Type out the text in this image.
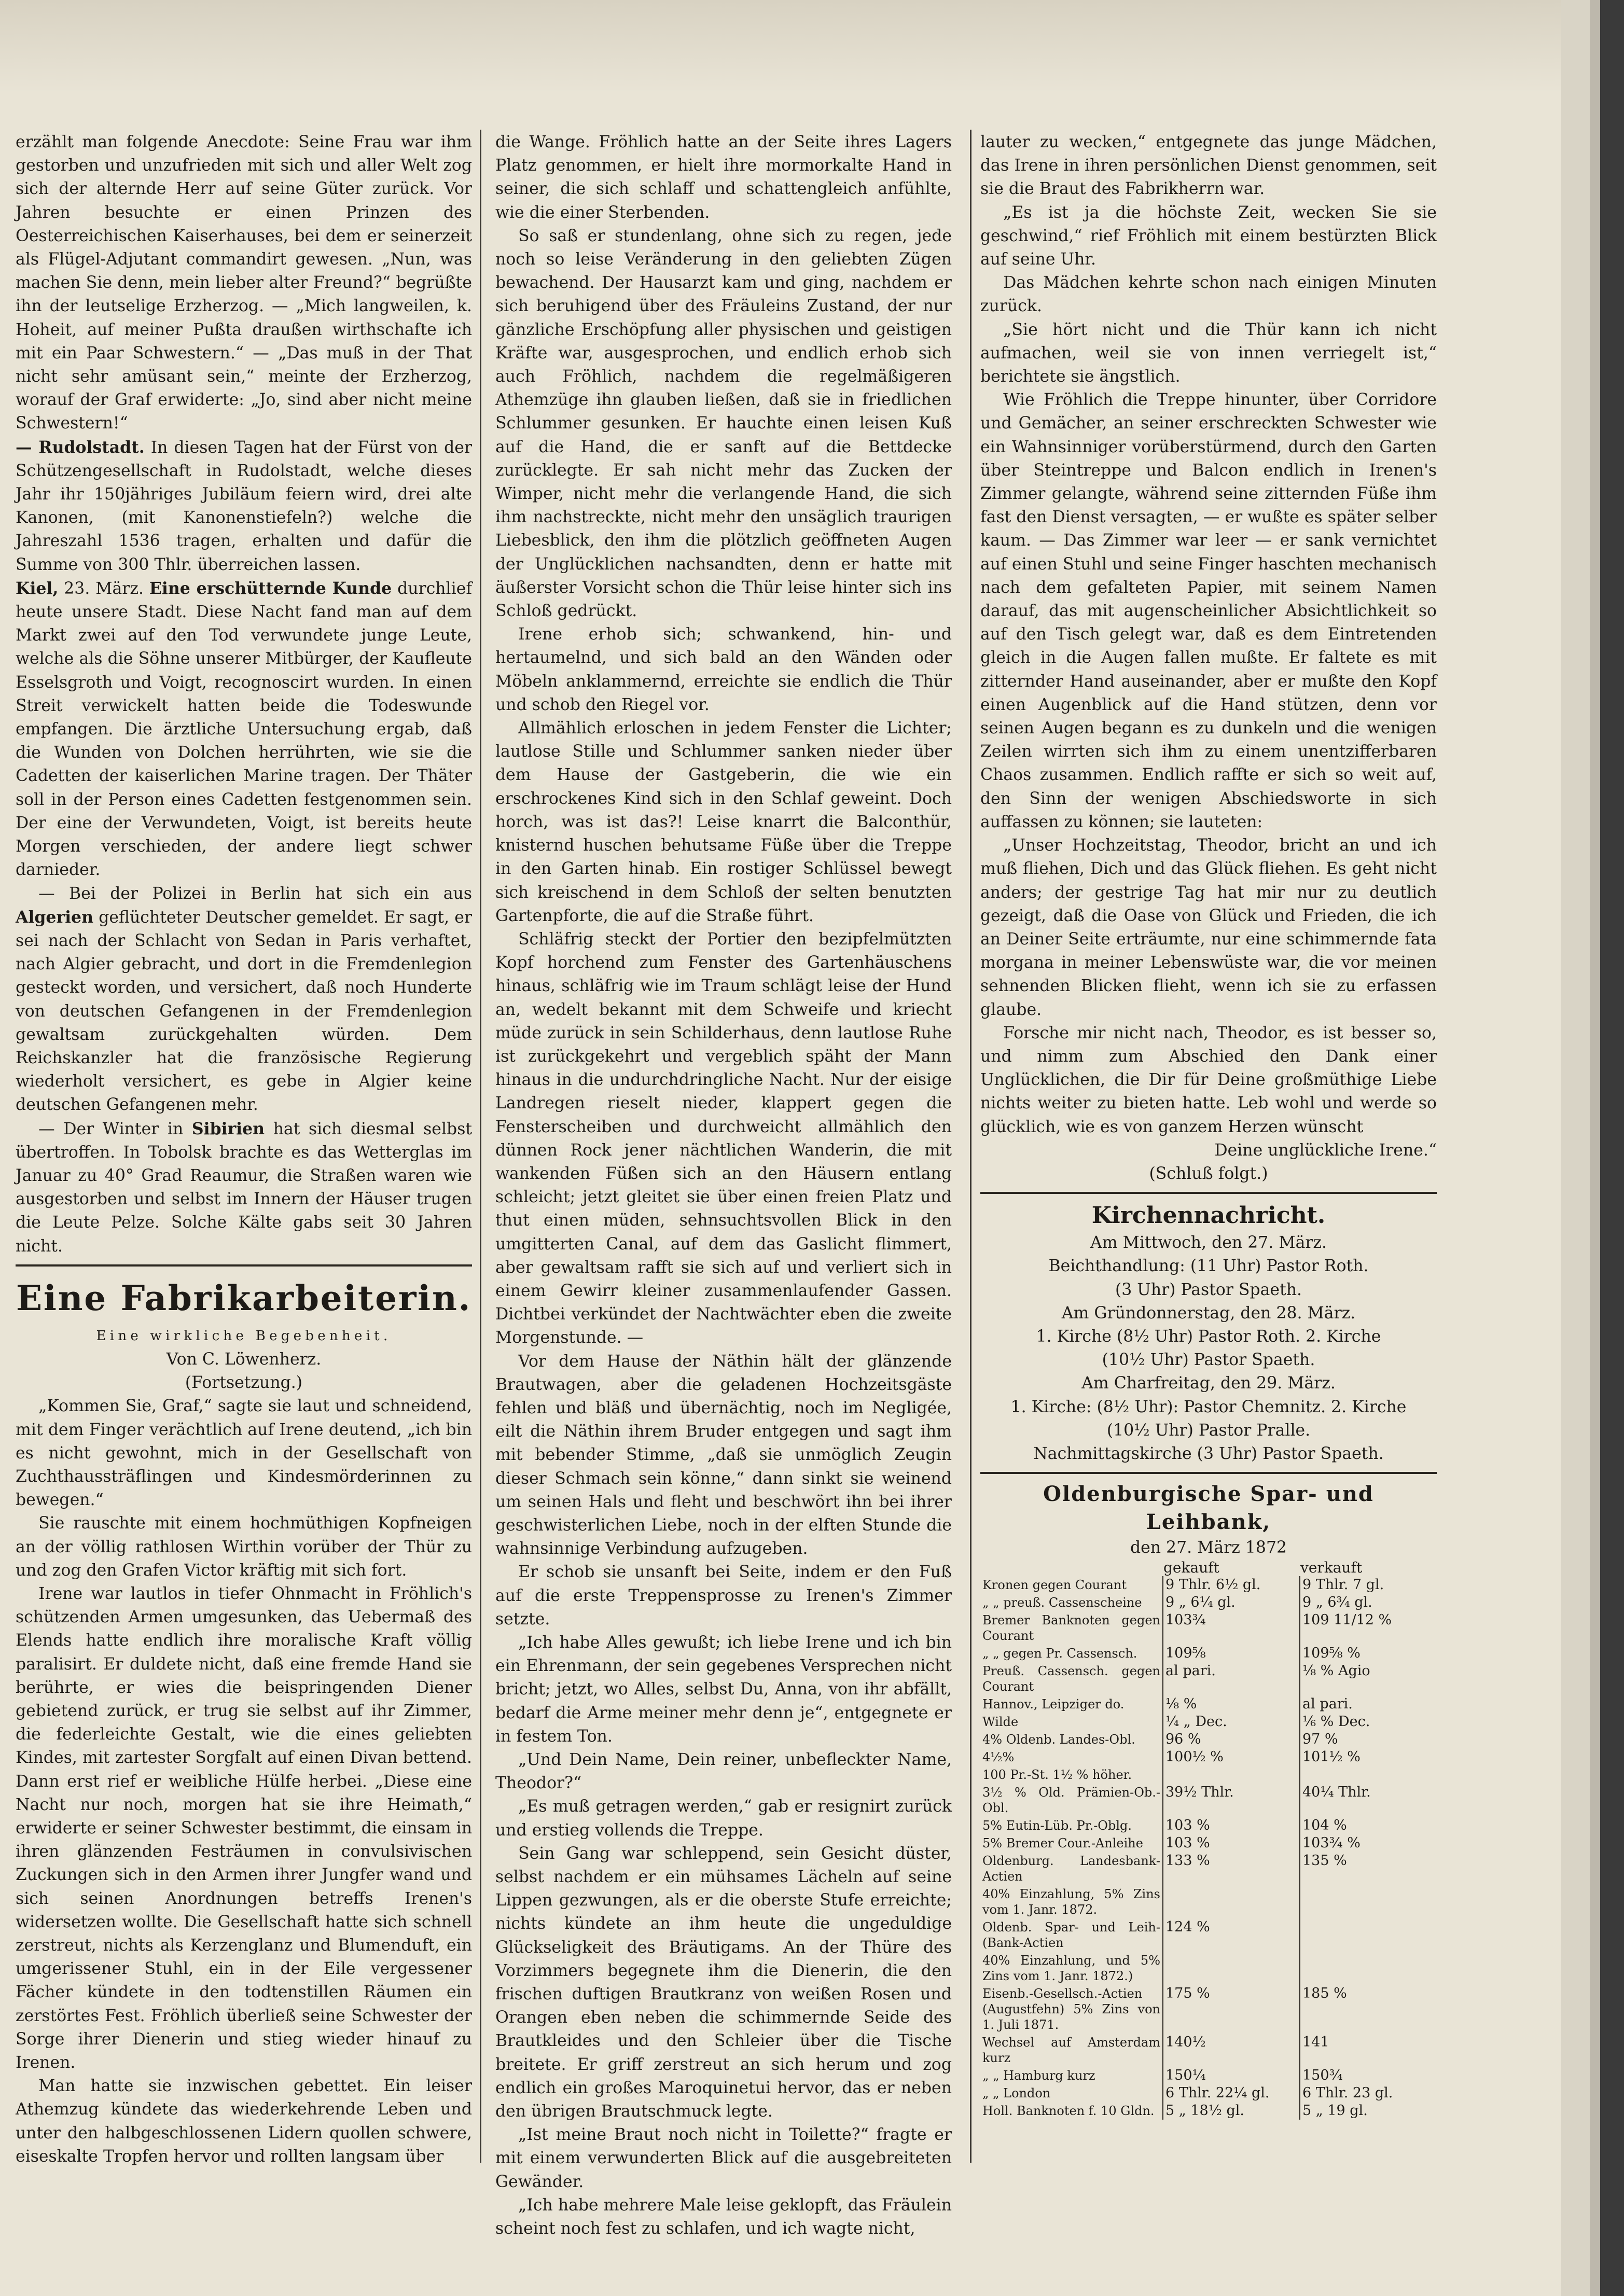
erzählt man folgende Anecdote: Seine Frau war ihm gestorben und unzufrieden mit sich und aller Welt zog sich der alternde Herr auf seine Güter zurück. Vor Jahren besuchte er einen Prinzen des Oesterreichischen Kaiserhauses, bei dem er seinerzeit als Flügel-Adjutant commandirt gewesen. „Nun, was machen Sie denn, mein lieber alter Freund?“ begrüßte ihn der leutselige Erzherzog. — „Mich langweilen, k. Hoheit, auf meiner Pußta draußen wirthschafte ich mit ein Paar Schwestern.“ — „Das muß in der That nicht sehr amüsant sein,“ meinte der Erzherzog, worauf der Graf erwiderte: „Jo, sind aber nicht meine Schwestern!“

— Rudolstadt. In diesen Tagen hat der Fürst von der Schützengesellschaft in Rudolstadt, welche dieses Jahr ihr 150jähriges Jubiläum feiern wird, drei alte Kanonen, (mit Kanonenstiefeln?) welche die Jahreszahl 1536 tragen, erhalten und dafür die Summe von 300 Thlr. überreichen lassen.

Kiel, 23. März. Eine erschütternde Kunde durchlief heute unsere Stadt. Diese Nacht fand man auf dem Markt zwei auf den Tod verwundete junge Leute, welche als die Söhne unserer Mitbürger, der Kaufleute Esselsgroth und Voigt, recognoscirt wurden. In einen Streit verwickelt hatten beide die Todeswunde empfangen. Die ärztliche Untersuchung ergab, daß die Wunden von Dolchen herrührten, wie sie die Cadetten der kaiserlichen Marine tragen. Der Thäter soll in der Person eines Cadetten festgenommen sein. Der eine der Verwundeten, Voigt, ist bereits heute Morgen verschieden, der andere liegt schwer darnieder.

— Bei der Polizei in Berlin hat sich ein aus Algerien geflüchteter Deutscher gemeldet. Er sagt, er sei nach der Schlacht von Sedan in Paris verhaftet, nach Algier gebracht, und dort in die Fremdenlegion gesteckt worden, und versichert, daß noch Hunderte von deutschen Gefangenen in der Fremdenlegion gewaltsam zurückgehalten würden. Dem Reichskanzler hat die französische Regierung wiederholt versichert, es gebe in Algier keine deutschen Gefangenen mehr.

— Der Winter in Sibirien hat sich diesmal selbst übertroffen. In Tobolsk brachte es das Wetterglas im Januar zu 40° Grad Reaumur, die Straßen waren wie ausgestorben und selbst im Innern der Häuser trugen die Leute Pelze. Solche Kälte gabs seit 30 Jahren nicht.

Eine Fabrikarbeiterin.
Eine wirkliche Begebenheit.
Von C. Löwenherz.
(Fortsetzung.)

„Kommen Sie, Graf,“ sagte sie laut und schneidend, mit dem Finger verächtlich auf Irene deutend, „ich bin es nicht gewohnt, mich in der Gesellschaft von Zuchthaussträflingen und Kindesmörderinnen zu bewegen.“

Sie rauschte mit einem hochmüthigen Kopfneigen an der völlig rathlosen Wirthin vorüber der Thür zu und zog den Grafen Victor kräftig mit sich fort.

Irene war lautlos in tiefer Ohnmacht in Fröhlich's schützenden Armen umgesunken, das Uebermaß des Elends hatte endlich ihre moralische Kraft völlig paralisirt. Er duldete nicht, daß eine fremde Hand sie berührte, er wies die beispringenden Diener gebietend zurück, er trug sie selbst auf ihr Zimmer, die federleichte Gestalt, wie die eines geliebten Kindes, mit zartester Sorgfalt auf einen Divan bettend. Dann erst rief er weibliche Hülfe herbei. „Diese eine Nacht nur noch, morgen hat sie ihre Heimath,“ erwiderte er seiner Schwester bestimmt, die einsam in ihren glänzenden Festräumen in convulsivischen Zuckungen sich in den Armen ihrer Jungfer wand und sich seinen Anordnungen betreffs Irenen's widersetzen wollte. Die Gesellschaft hatte sich schnell zerstreut, nichts als Kerzenglanz und Blumenduft, ein umgerissener Stuhl, ein in der Eile vergessener Fächer kündete in den todtenstillen Räumen ein zerstörtes Fest. Fröhlich überließ seine Schwester der Sorge ihrer Dienerin und stieg wieder hinauf zu Irenen.

Man hatte sie inzwischen gebettet. Ein leiser Athemzug kündete das wiederkehrende Leben und unter den halbgeschlossenen Lidern quollen schwere, eiseskalte Tropfen hervor und rollten langsam über

die Wange. Fröhlich hatte an der Seite ihres Lagers Platz genommen, er hielt ihre mormorkalte Hand in seiner, die sich schlaff und schattengleich anfühlte, wie die einer Sterbenden.

So saß er stundenlang, ohne sich zu regen, jede noch so leise Veränderung in den geliebten Zügen bewachend. Der Hausarzt kam und ging, nachdem er sich beruhigend über des Fräuleins Zustand, der nur gänzliche Erschöpfung aller physischen und geistigen Kräfte war, ausgesprochen, und endlich erhob sich auch Fröhlich, nachdem die regelmäßigeren Athemzüge ihn glauben ließen, daß sie in friedlichen Schlummer gesunken. Er hauchte einen leisen Kuß auf die Hand, die er sanft auf die Bettdecke zurücklegte. Er sah nicht mehr das Zucken der Wimper, nicht mehr die verlangende Hand, die sich ihm nachstreckte, nicht mehr den unsäglich traurigen Liebesblick, den ihm die plötzlich geöffneten Augen der Unglücklichen nachsandten, denn er hatte mit äußerster Vorsicht schon die Thür leise hinter sich ins Schloß gedrückt.

Irene erhob sich; schwankend, hin- und hertaumelnd, und sich bald an den Wänden oder Möbeln anklammernd, erreichte sie endlich die Thür und schob den Riegel vor.

Allmählich erloschen in jedem Fenster die Lichter; lautlose Stille und Schlummer sanken nieder über dem Hause der Gastgeberin, die wie ein erschrockenes Kind sich in den Schlaf geweint. Doch horch, was ist das?! Leise knarrt die Balconthür, knisternd huschen behutsame Füße über die Treppe in den Garten hinab. Ein rostiger Schlüssel bewegt sich kreischend in dem Schloß der selten benutzten Gartenpforte, die auf die Straße führt.

Schläfrig steckt der Portier den bezipfelmützten Kopf horchend zum Fenster des Gartenhäuschens hinaus, schläfrig wie im Traum schlägt leise der Hund an, wedelt bekannt mit dem Schweife und kriecht müde zurück in sein Schilderhaus, denn lautlose Ruhe ist zurückgekehrt und vergeblich späht der Mann hinaus in die undurchdringliche Nacht. Nur der eisige Landregen rieselt nieder, klappert gegen die Fensterscheiben und durchweicht allmählich den dünnen Rock jener nächtlichen Wanderin, die mit wankenden Füßen sich an den Häusern entlang schleicht; jetzt gleitet sie über einen freien Platz und thut einen müden, sehnsuchtsvollen Blick in den umgitterten Canal, auf dem das Gaslicht flimmert, aber gewaltsam rafft sie sich auf und verliert sich in einem Gewirr kleiner zusammenlaufender Gassen. Dichtbei verkündet der Nachtwächter eben die zweite Morgenstunde. —

Vor dem Hause der Näthin hält der glänzende Brautwagen, aber die geladenen Hochzeitsgäste fehlen und bläß und übernächtig, noch im Negligée, eilt die Näthin ihrem Bruder entgegen und sagt ihm mit bebender Stimme, „daß sie unmöglich Zeugin dieser Schmach sein könne,“ dann sinkt sie weinend um seinen Hals und fleht und beschwört ihn bei ihrer geschwisterlichen Liebe, noch in der elften Stunde die wahnsinnige Verbindung aufzugeben.

Er schob sie unsanft bei Seite, indem er den Fuß auf die erste Treppensprosse zu Irenen's Zimmer setzte.

„Ich habe Alles gewußt; ich liebe Irene und ich bin ein Ehrenmann, der sein gegebenes Versprechen nicht bricht; jetzt, wo Alles, selbst Du, Anna, von ihr abfällt, bedarf die Arme meiner mehr denn je“, entgegnete er in festem Ton.

„Und Dein Name, Dein reiner, unbefleckter Name, Theodor?“

„Es muß getragen werden,“ gab er resignirt zurück und erstieg vollends die Treppe.

Sein Gang war schleppend, sein Gesicht düster, selbst nachdem er ein mühsames Lächeln auf seine Lippen gezwungen, als er die oberste Stufe erreichte; nichts kündete an ihm heute die ungeduldige Glückseligkeit des Bräutigams. An der Thüre des Vorzimmers begegnete ihm die Dienerin, die den frischen duftigen Brautkranz von weißen Rosen und Orangen eben neben die schimmernde Seide des Brautkleides und den Schleier über die Tische breitete. Er griff zerstreut an sich herum und zog endlich ein großes Maroquinetui hervor, das er neben den übrigen Brautschmuck legte.

„Ist meine Braut noch nicht in Toilette?“ fragte er mit einem verwunderten Blick auf die ausgebreiteten Gewänder.

„Ich habe mehrere Male leise geklopft, das Fräulein scheint noch fest zu schlafen, und ich wagte nicht,

lauter zu wecken,“ entgegnete das junge Mädchen, das Irene in ihren persönlichen Dienst genommen, seit sie die Braut des Fabrikherrn war.

„Es ist ja die höchste Zeit, wecken Sie sie geschwind,“ rief Fröhlich mit einem bestürzten Blick auf seine Uhr.

Das Mädchen kehrte schon nach einigen Minuten zurück.

„Sie hört nicht und die Thür kann ich nicht aufmachen, weil sie von innen verriegelt ist,“ berichtete sie ängstlich.

Wie Fröhlich die Treppe hinunter, über Corridore und Gemächer, an seiner erschreckten Schwester wie ein Wahnsinniger vorüberstürmend, durch den Garten über Steintreppe und Balcon endlich in Irenen's Zimmer gelangte, während seine zitternden Füße ihm fast den Dienst versagten, — er wußte es später selber kaum. — Das Zimmer war leer — er sank vernichtet auf einen Stuhl und seine Finger haschten mechanisch nach dem gefalteten Papier, mit seinem Namen darauf, das mit augenscheinlicher Absichtlichkeit so auf den Tisch gelegt war, daß es dem Eintretenden gleich in die Augen fallen mußte. Er faltete es mit zitternder Hand auseinander, aber er mußte den Kopf einen Augenblick auf die Hand stützen, denn vor seinen Augen begann es zu dunkeln und die wenigen Zeilen wirrten sich ihm zu einem unentzifferbaren Chaos zusammen. Endlich raffte er sich so weit auf, den Sinn der wenigen Abschiedsworte in sich auffassen zu können; sie lauteten:

„Unser Hochzeitstag, Theodor, bricht an und ich muß fliehen, Dich und das Glück fliehen. Es geht nicht anders; der gestrige Tag hat mir nur zu deutlich gezeigt, daß die Oase von Glück und Frieden, die ich an Deiner Seite erträumte, nur eine schimmernde fata morgana in meiner Lebenswüste war, die vor meinen sehnenden Blicken flieht, wenn ich sie zu erfassen glaube.

Forsche mir nicht nach, Theodor, es ist besser so, und nimm zum Abschied den Dank einer Unglücklichen, die Dir für Deine großmüthige Liebe nichts weiter zu bieten hatte. Leb wohl und werde so glücklich, wie es von ganzem Herzen wünscht

Deine unglückliche Irene.“
(Schluß folgt.)
Kirchennachricht.
Am Mittwoch, den 27. März.
Beichthandlung: (11 Uhr) Pastor Roth.
(3 Uhr) Pastor Spaeth.
Am Gründonnerstag, den 28. März.
1. Kirche (8½ Uhr) Pastor Roth. 2. Kirche
(10½ Uhr) Pastor Spaeth.
Am Charfreitag, den 29. März.
1. Kirche: (8½ Uhr): Pastor Chemnitz. 2. Kirche
(10½ Uhr) Pastor Pralle.
Nachmittagskirche (3 Uhr) Pastor Spaeth.
Oldenburgische Spar- und Leihbank,
den 27. März 1872
	gekauft	verkauft
Kronen gegen Courant	9 Thlr. 6½ gl.	9 Thlr. 7 gl.
„ „ preuß. Cassenscheine	9 „ 6¼ gl.	9 „ 6¾ gl.
Bremer Banknoten gegen Courant	103¾	109 11/12 %
„ „ gegen Pr. Cassensch.	109⅝	109⅝ %
Preuß. Cassensch. gegen Courant	al pari.	⅛ % Agio
Hannov., Leipziger do.	⅛ %	al pari.
Wilde	¼ „ Dec.	⅙ % Dec.
4% Oldenb. Landes-Obl.	96 %	97 %
4½%	100½ %	101½ %
100 Pr.-St. 1½ % höher.		
3½ % Old. Prämien-Ob.-Obl.	39½ Thlr.	40¼ Thlr.
5% Eutin-Lüb. Pr.-Oblg.	103 %	104 %
5% Bremer Cour.-Anleihe	103 %	103¾ %
Oldenburg. Landesbank-Actien	133 %	135 %
40% Einzahlung, 5% Zins vom 1. Janr. 1872.		
Oldenb. Spar- und Leih-(Bank-Actien	124 %	
40% Einzahlung, und 5% Zins vom 1. Janr. 1872.)		
Eisenb.-Gesellsch.-Actien (Augustfehn) 5% Zins von 1. Juli 1871.	175 %	185 %
Wechsel auf Amsterdam kurz	140½	141
„ „ Hamburg kurz	150¼	150¾
„ „ London	6 Thlr. 22¼ gl.	6 Thlr. 23 gl.
Holl. Banknoten f. 10 Gldn.	5 „ 18½ gl.	5 „ 19 gl.
